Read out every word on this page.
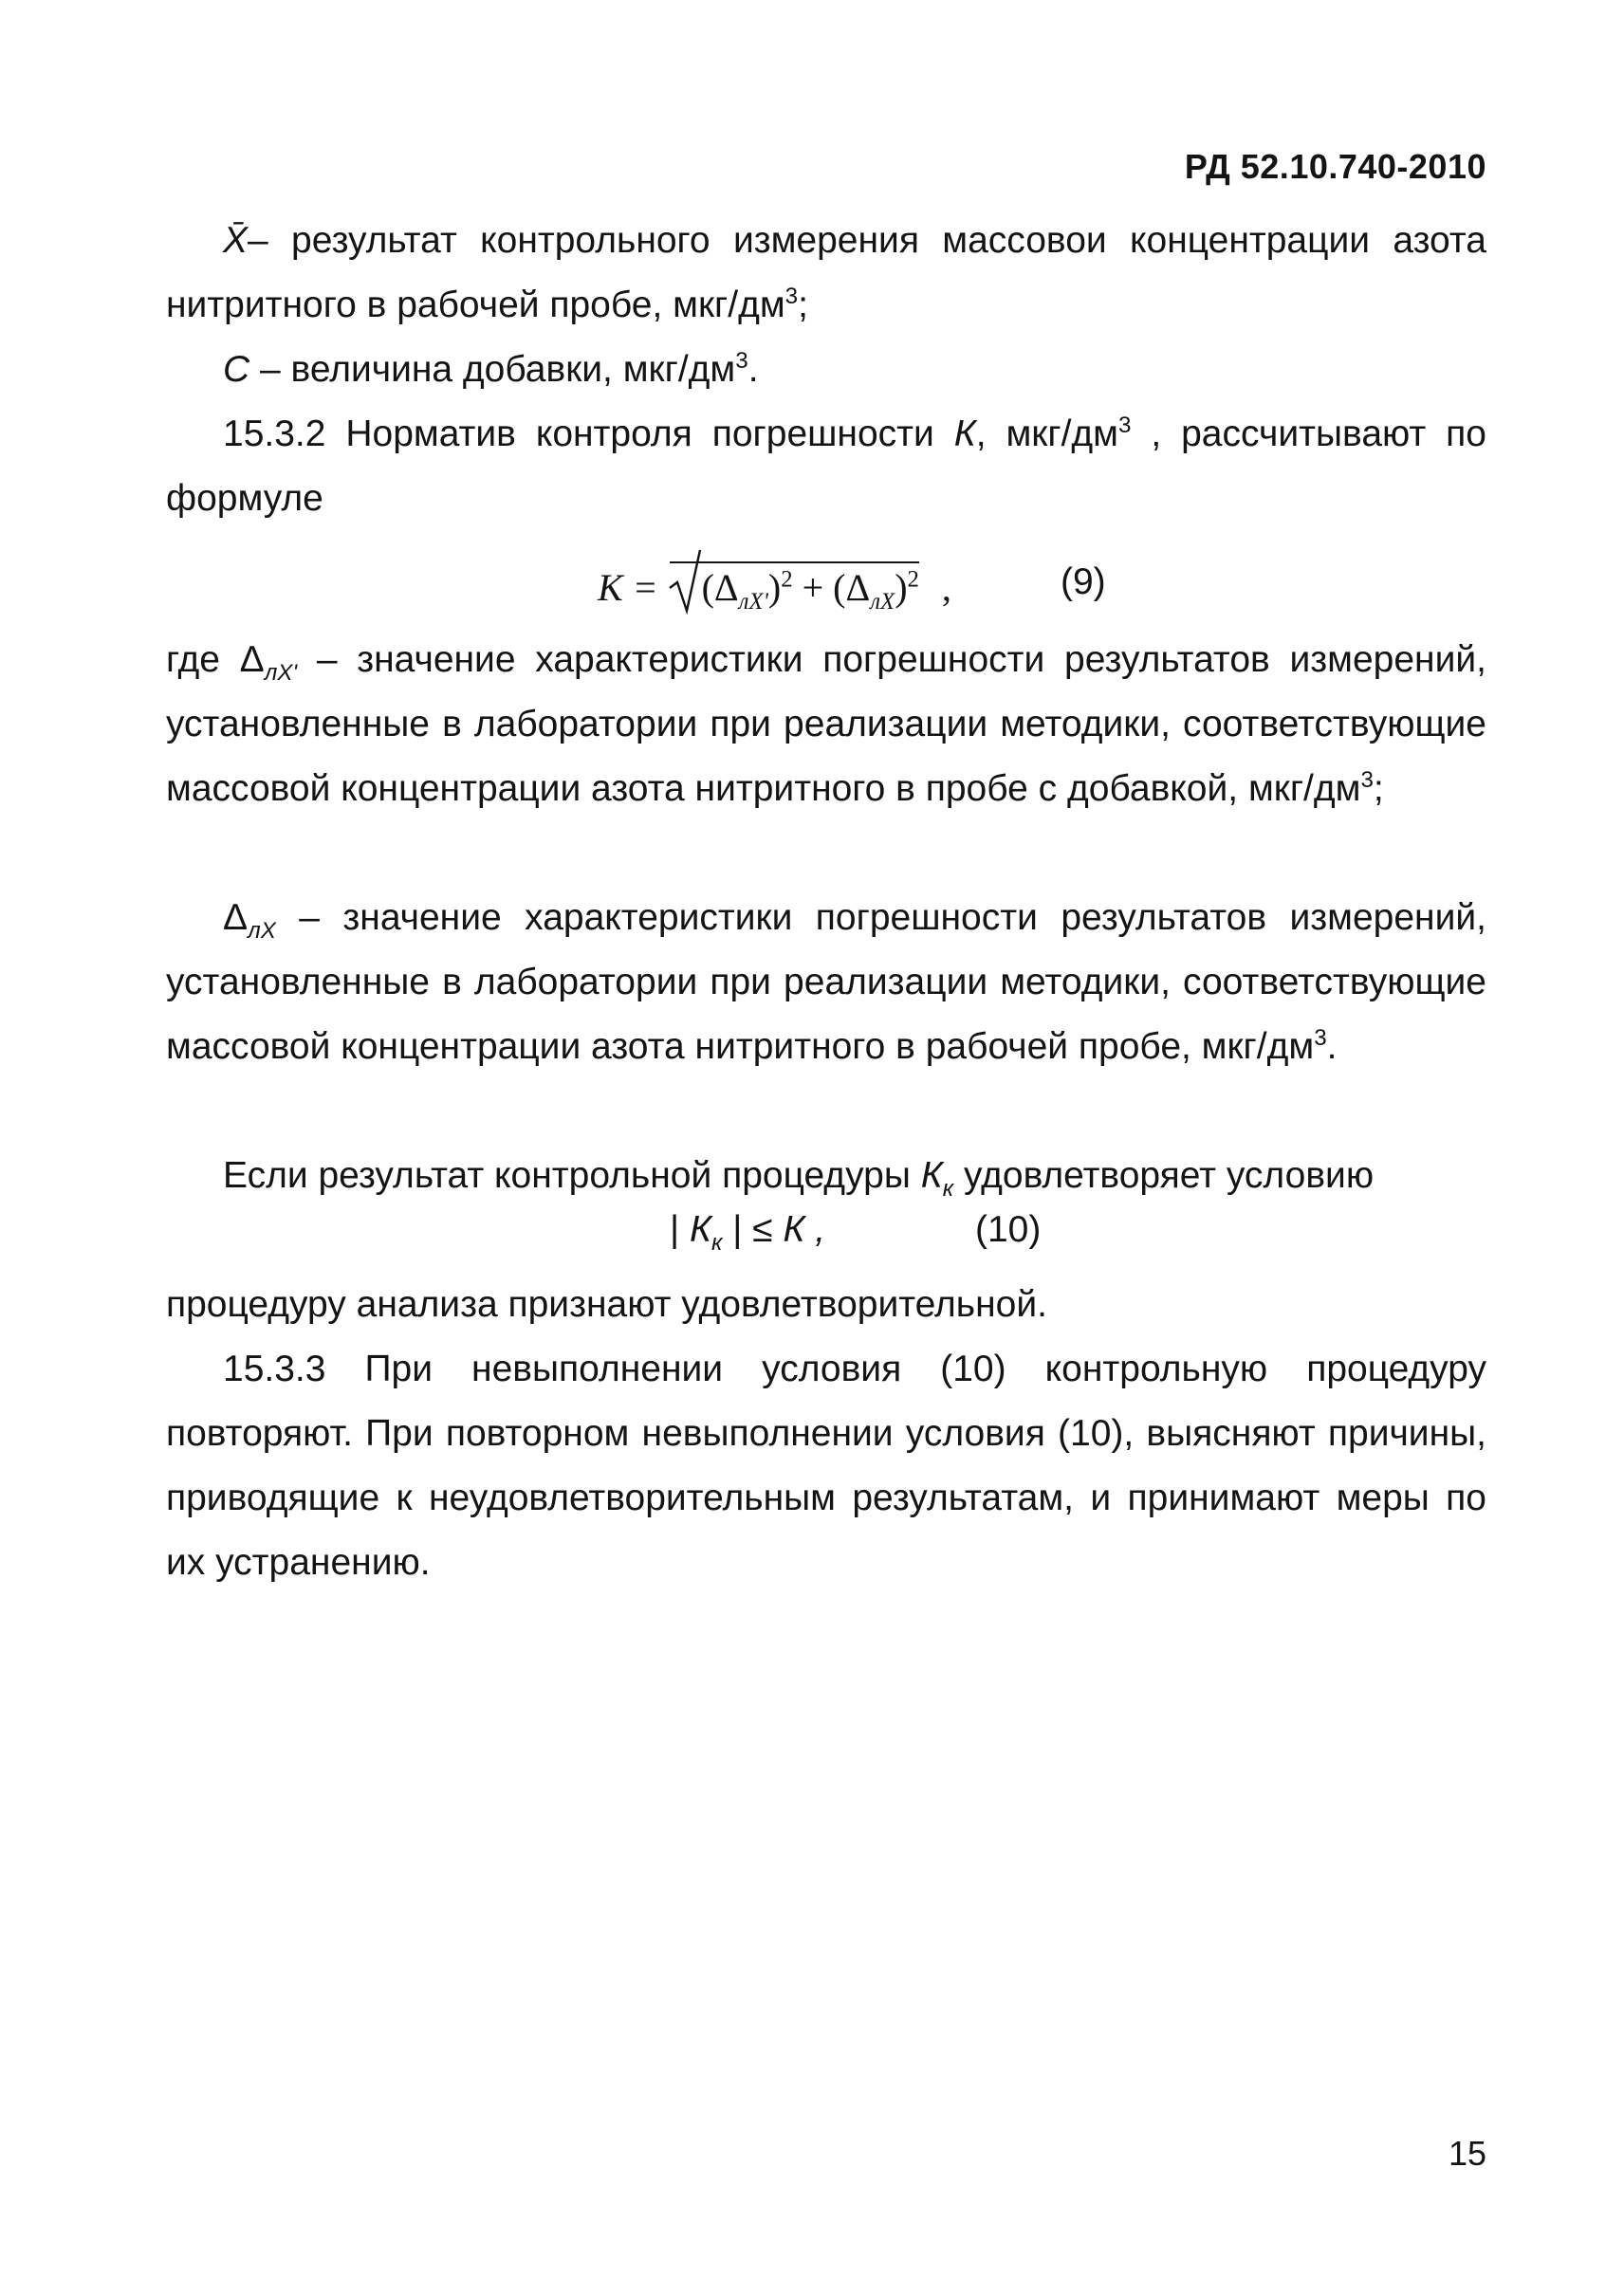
РД 52.10.740-2010
X̄– результат контрольного измерения массовои концентрации азота нитритного в рабочей пробе, мкг/$дм^3$;
С – величина добавки, мкг/$дм^3$.
15.3.2 Норматив контроля погрешности К, мкг/$дм^3$ , рассчитывают по формуле
$К = (\Delta_{лX'})^2 + (\Delta_{лX})^2$ ,	(9)
где $\Delta_{лX'}$ – значение характеристики погрешности результатов измерений, установленные в лаборатории при реализации методики, соответствующие массовой концентрации азота нитритного в пробе с добавкой, мкг/$дм^3$;
$\Delta_{лX}$ – значение характеристики погрешности результатов измерений, установленные в лаборатории при реализации методики, соответствующие массовой концентрации азота нитритного в рабочей пробе, мкг/$дм^3$.
Если результат контрольной процедуры $К_к$ удовлетворяет условию
| $К_к$ | ≤ К ,	(10)
процедуру анализа признают удовлетворительной.
15.3.3 При невыполнении условия (10) контрольную процедуру повторяют. При повторном невыполнении условия (10), выясняют причины, приводящие к неудовлетворительным результатам, и принимают меры по их устранению.
15
